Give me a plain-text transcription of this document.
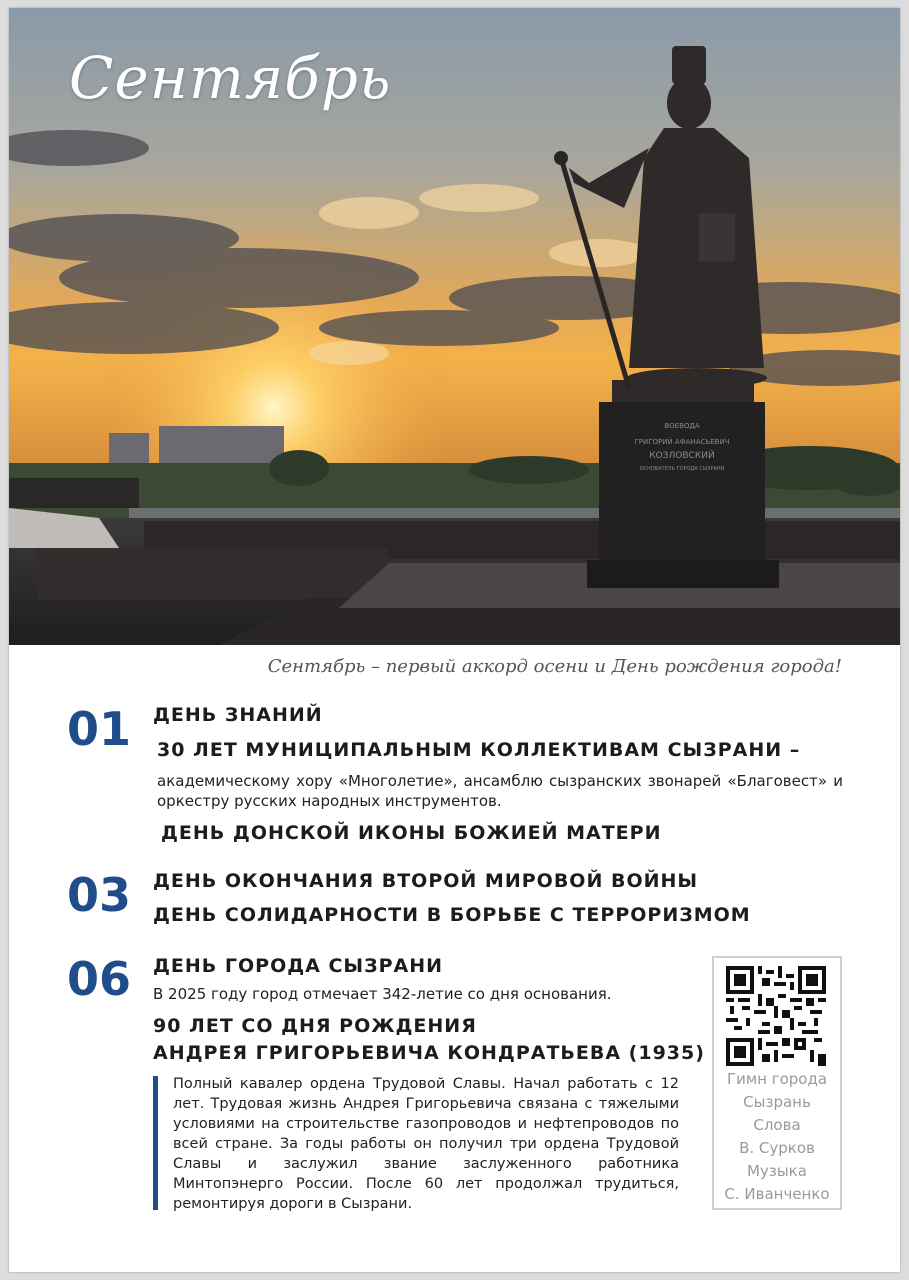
ВОЕВОДА
ГРИГОРИЙ АФАНАСЬЕВИЧ
КОЗЛОВСКИЙ
ОСНОВАТЕЛЬ ГОРОДА СЫЗРАНИ
Сентябрь
Сентябрь – первый аккорд осени и День рождения города!
01 ДЕНЬ ЗНАНИЙ
30 ЛЕТ МУНИЦИПАЛЬНЫМ КОЛЛЕКТИВАМ СЫЗРАНИ –
академическому хору «Многолетие», ансамблю сызранских звонарей «Благовест» и оркестру русских народных инструментов.
ДЕНЬ ДОНСКОЙ ИКОНЫ БОЖИЕЙ МАТЕРИ
03 ДЕНЬ ОКОНЧАНИЯ ВТОРОЙ МИРОВОЙ ВОЙНЫ
ДЕНЬ СОЛИДАРНОСТИ В БОРЬБЕ С ТЕРРОРИЗМОМ
06 ДЕНЬ ГОРОДА СЫЗРАНИ
В 2025 году город отмечает 342-летие со дня основания.
90 ЛЕТ СО ДНЯ РОЖДЕНИЯ
АНДРЕЯ ГРИГОРЬЕВИЧА КОНДРАТЬЕВА (1935)
Полный кавалер ордена Трудовой Славы. Начал работать с 12 лет. Трудовая жизнь Андрея Григорьевича связана с тяжелыми условиями на строительстве газопроводов и нефтепроводов по всей стране. За годы работы он получил три ордена Трудовой Славы и заслужил звание заслуженного работника Минтопэнерго России. После 60 лет продолжал трудиться, ремонтируя дороги в Сызрани.
Гимн города
Сызрань
Слова
В. Сурков
Музыка
С. Иванченко
